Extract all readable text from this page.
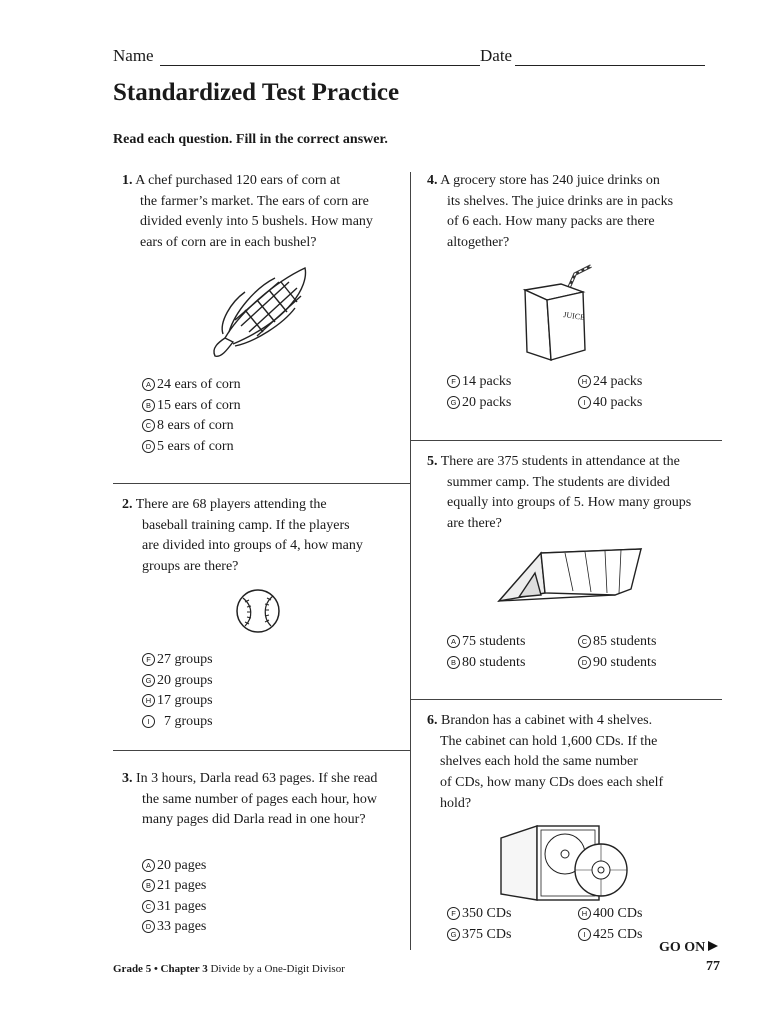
Name	Date
Standardized Test Practice
Read each question. Fill in the correct answer.
1. A chef purchased 120 ears of corn at
the farmer’s market. The ears of corn are
divided evenly into 5 bushels. How many
ears of corn are in each bushel?
A 24 ears of corn
B 15 ears of corn
C 8 ears of corn
D 5 ears of corn
2. There are 68 players attending the
baseball training camp. If the players
are divided into groups of 4, how many
groups are there?
F 27 groups
G 20 groups
H 17 groups
I  7 groups
3. In 3 hours, Darla read 63 pages. If she read
the same number of pages each hour, how
many pages did Darla read in one hour?
A 20 pages
B 21 pages
C 31 pages
D 33 pages
4. A grocery store has 240 juice drinks on
its shelves. The juice drinks are in packs
of 6 each. How many packs are there
altogether?
JUICE
F 14 packs
G 20 packs
H 24 packs
I 40 packs
5. There are 375 students in attendance at the
summer camp. The students are divided
equally into groups of 5. How many groups
are there?
A 75 students
B 80 students
C 85 students
D 90 students
6. Brandon has a cabinet with 4 shelves.
The cabinet can hold 1,600 CDs. If the
shelves each hold the same number
of CDs, how many CDs does each shelf
hold?
F 350 CDs
G 375 CDs
H 400 CDs
I 425 CDs
GO ON
Grade 5 • Chapter 3 Divide by a One-Digit Divisor	77
